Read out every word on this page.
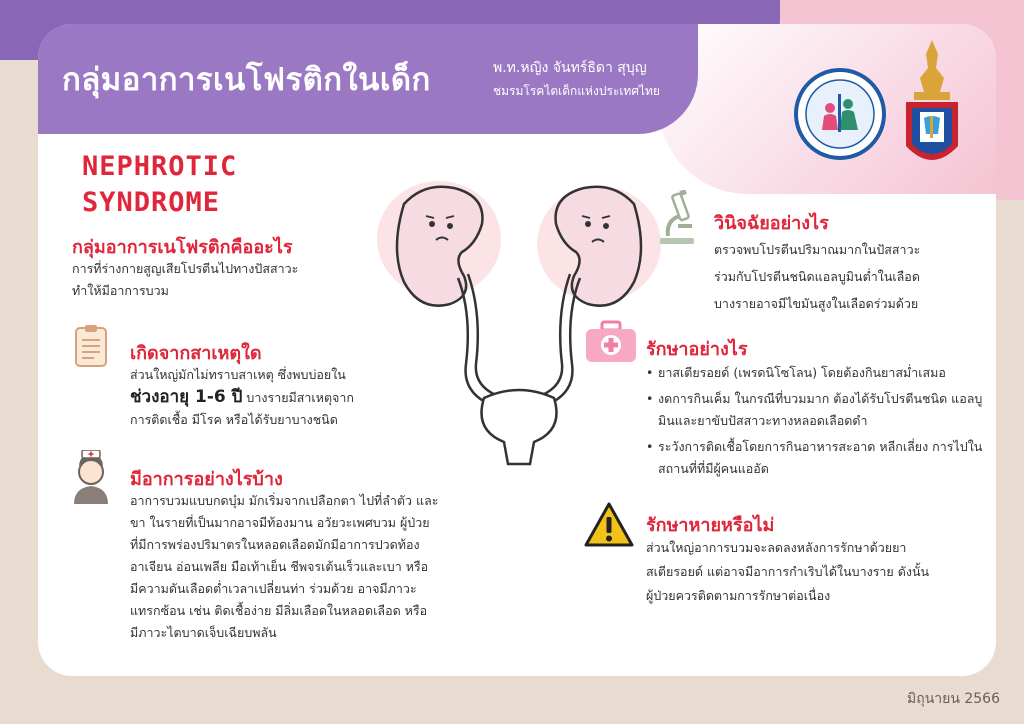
กลุ่มอาการเนโฟรติกในเด็ก	พ.ท.หญิง จันทร์ธิดา สุบุญ
ชมรมโรคไตเด็กแห่งประเทศไทย
NEPHROTIC
SYNDROME
กลุ่มอาการเนโฟรติกคืออะไร
การที่ร่างกายสูญเสียโปรตีนไปทางปัสสาวะ
ทำให้มีอาการบวม
เกิดจากสาเหตุใด
ส่วนใหญ่มักไม่ทราบสาเหตุ ซึ่งพบบ่อยใน
ช่วงอายุ 1-6 ปี บางรายมีสาเหตุจาก
การติดเชื้อ มีโรค หรือได้รับยาบางชนิด
มีอาการอย่างไรบ้าง
อาการบวมแบบกดบุ๋ม มักเริ่มจากเปลือกตา ไปที่ลำตัว และ
ขา ในรายที่เป็นมากอาจมีท้องมาน อวัยวะเพศบวม ผู้ป่วย
ที่มีการพร่องปริมาตรในหลอดเลือดมักมีอาการปวดท้อง
อาเจียน อ่อนเพลีย มือเท้าเย็น ชีพจรเต้นเร็วและเบา หรือ
มีความดันเลือดต่ำเวลาเปลี่ยนท่า ร่วมด้วย อาจมีภาวะ
แทรกซ้อน เช่น ติดเชื้อง่าย มีลิ่มเลือดในหลอดเลือด หรือ
มีภาวะไตบาดเจ็บเฉียบพลัน
วินิจฉัยอย่างไร
ตรวจพบโปรตีนปริมาณมากในปัสสาวะ
ร่วมกับโปรตีนชนิดแอลบูมินต่ำในเลือด
บางรายอาจมีไขมันสูงในเลือดร่วมด้วย
รักษาอย่างไร
• ยาสเตียรอยด์ (เพรดนิโซโลน) โดยต้องกินยาสม่ำเสมอ
• งดการกินเค็ม ในกรณีที่บวมมาก ต้องได้รับโปรตีนชนิด แอลบูมินและยาขับปัสสาวะทางหลอดเลือดดำ
• ระวังการติดเชื้อโดยการกินอาหารสะอาด หลีกเลี่ยง การไปในสถานที่ที่มีผู้คนแออัด
รักษาหายหรือไม่
ส่วนใหญ่อาการบวมจะลดลงหลังการรักษาด้วยยา
สเตียรอยด์ แต่อาจมีอาการกำเริบได้ในบางราย ดังนั้น
ผู้ป่วยควรติดตามการรักษาต่อเนื่อง
มิถุนายน 2566
